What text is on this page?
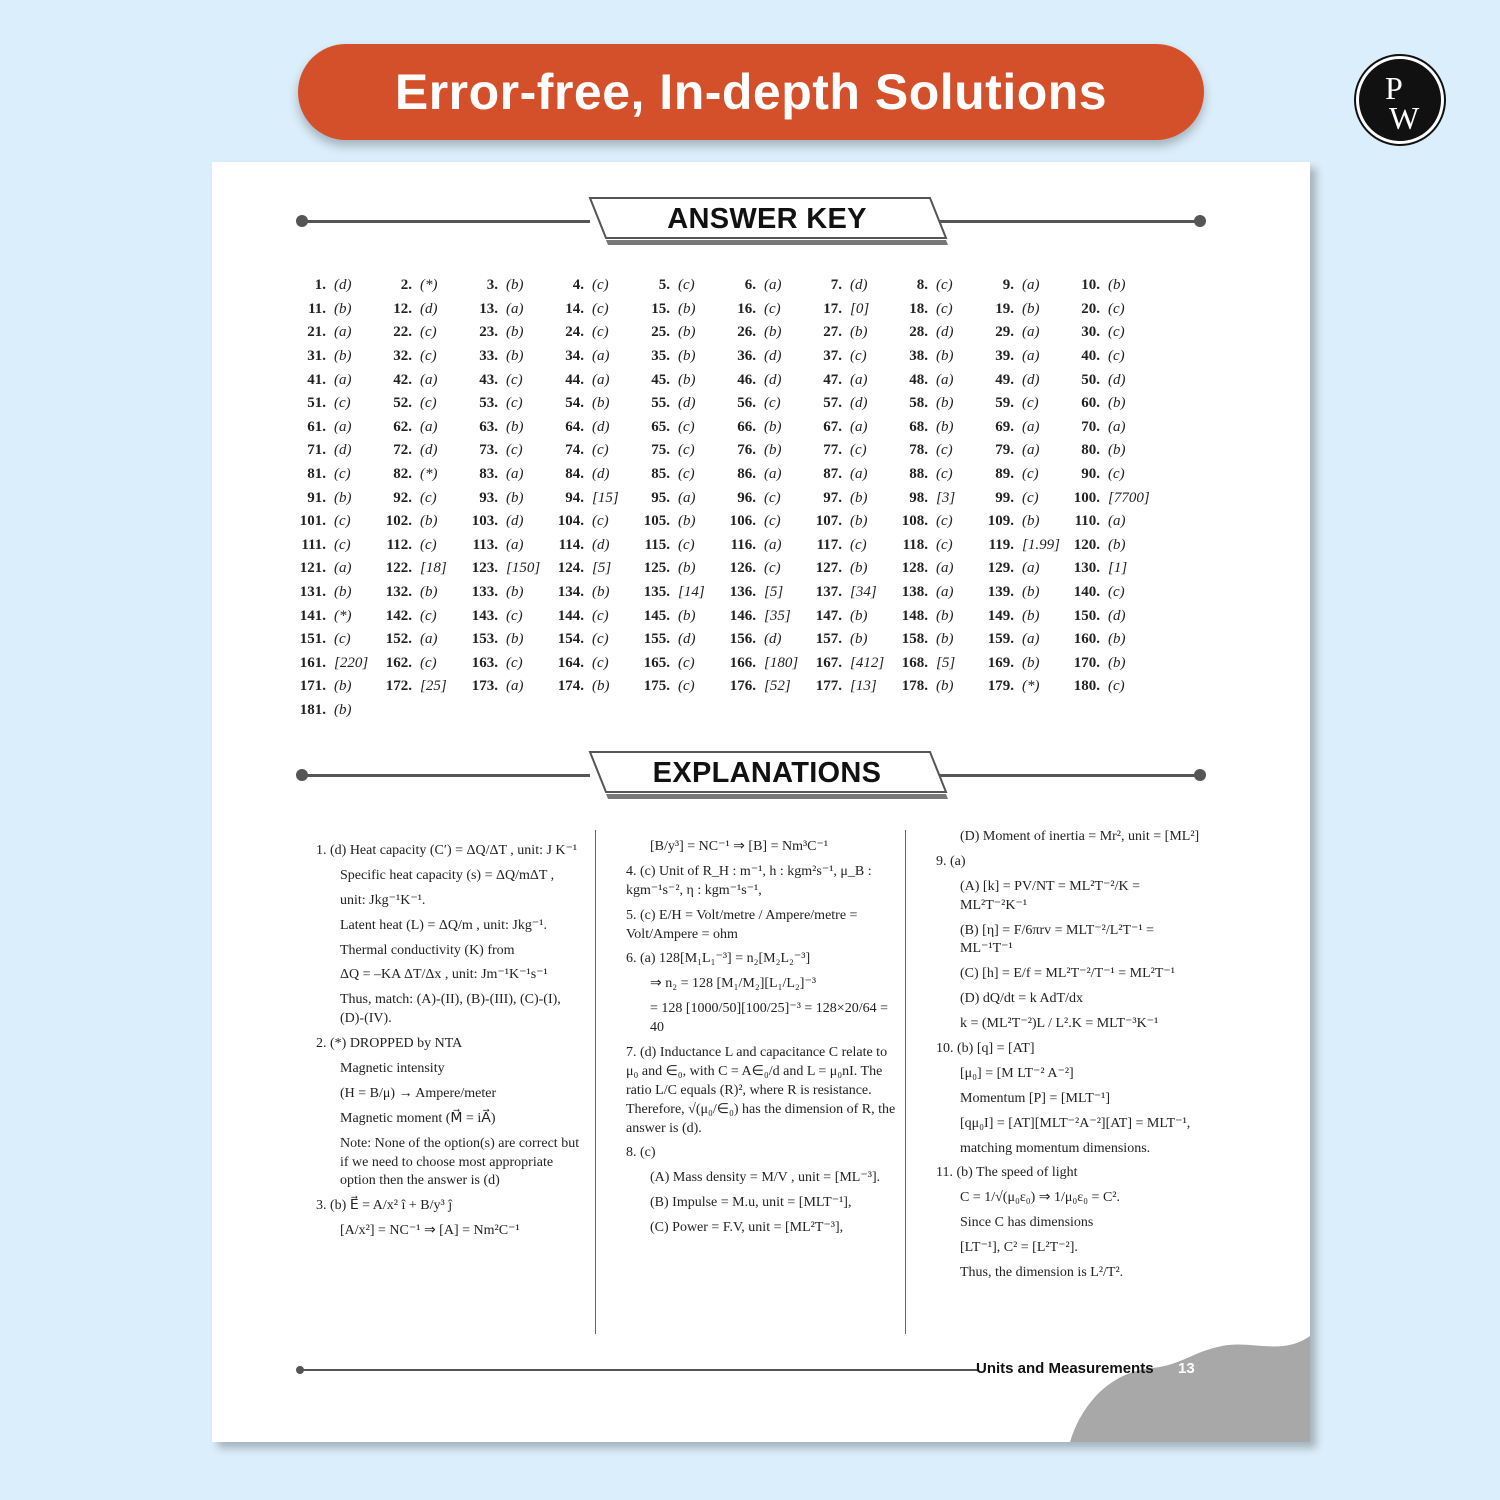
Error-free, In-depth Solutions	P
W
ANSWER KEY
1. (d)	2. (*)	3. (b)	4. (c)	5. (c)	6. (a)	7. (d)	8. (c)	9. (a)	10. (b)
11. (b)	12. (d)	13. (a)	14. (c)	15. (b)	16. (c)	17. [0]	18. (c)	19. (b)	20. (c)
21. (a)	22. (c)	23. (b)	24. (c)	25. (b)	26. (b)	27. (b)	28. (d)	29. (a)	30. (c)
31. (b)	32. (c)	33. (b)	34. (a)	35. (b)	36. (d)	37. (c)	38. (b)	39. (a)	40. (c)
41. (a)	42. (a)	43. (c)	44. (a)	45. (b)	46. (d)	47. (a)	48. (a)	49. (d)	50. (d)
51. (c)	52. (c)	53. (c)	54. (b)	55. (d)	56. (c)	57. (d)	58. (b)	59. (c)	60. (b)
61. (a)	62. (a)	63. (b)	64. (d)	65. (c)	66. (b)	67. (a)	68. (b)	69. (a)	70. (a)
71. (d)	72. (d)	73. (c)	74. (c)	75. (c)	76. (b)	77. (c)	78. (c)	79. (a)	80. (b)
81. (c)	82. (*)	83. (a)	84. (d)	85. (c)	86. (a)	87. (a)	88. (c)	89. (c)	90. (c)
91. (b)	92. (c)	93. (b)	94. [15]	95. (a)	96. (c)	97. (b)	98. [3]	99. (c) 100. [7700]
101. (c) 102. (b) 103. (d) 104. (c) 105. (b) 106. (c) 107. (b) 108. (c) 109. (b)	110. (a)
111. (c)	112. (c)	113. (a)	114. (d)	115. (c)	116. (a)	117. (c)	118. (c)	119. [1.99] 120. (b)
121. (a) 122. [18] 123. [150] 124. [5] 125. (b) 126. (c) 127. (b) 128. (a) 129. (a) 130. [1]
131. (b) 132. (b) 133. (b) 134. (b) 135. [14] 136. [5] 137. [34] 138. (a) 139. (b) 140. (c)
141. (*) 142. (c) 143. (c) 144. (c) 145. (b) 146. [35] 147. (b) 148. (b) 149. (b) 150. (d)
151. (c) 152. (a) 153. (b) 154. (c) 155. (d) 156. (d) 157. (b) 158. (b) 159. (a) 160. (b)
161. [220] 162. (c) 163. (c) 164. (c) 165. (c) 166. [180] 167. [412] 168. [5] 169. (b) 170. (b)
171. (b) 172. [25] 173. (a) 174. (b) 175. (c) 176. [52] 177. [13] 178. (b) 179. (*) 180. (c)
181. (b)
EXPLANATIONS

1. (d) Heat capacity (C′) = ΔQ/ΔT , unit: J K⁻¹

Specific heat capacity (s) = ΔQ/mΔT ,

unit: Jkg⁻¹K⁻¹.

Latent heat (L) = ΔQ/m , unit: Jkg⁻¹.

Thermal conductivity (K) from

ΔQ = –KA ΔT/Δx , unit: Jm⁻¹K⁻¹s⁻¹

Thus, match: (A)-(II), (B)-(III), (C)-(I), (D)-(IV).

2. (*) DROPPED by NTA

Magnetic intensity

(H = B/μ) → Ampere/meter

Magnetic moment (M⃗ = iA⃗)

Note: None of the option(s) are correct but if we need to choose most appropriate option then the answer is (d)

3. (b) E⃗ = A/x² î + B/y³ ĵ

[A/x²] = NC⁻¹ ⇒ [A] = Nm²C⁻¹

[B/y³] = NC⁻¹ ⇒ [B] = Nm³C⁻¹

4. (c) Unit of R_H : m⁻¹, h : kgm²s⁻¹, μ_B : kgm⁻¹s⁻², η : kgm⁻¹s⁻¹,

5. (c) E/H = Volt/metre / Ampere/metre = Volt/Ampere = ohm

6. (a) 128[M₁L₁⁻³] = n₂[M₂L₂⁻³]

⇒ n₂ = 128 [M₁/M₂][L₁/L₂]⁻³

= 128 [1000/50][100/25]⁻³ = 128×20/64 = 40

7. (d) Inductance L and capacitance C relate to μ₀ and ∈₀, with C = A∈₀/d and L = μ₀nI. The ratio L/C equals (R)², where R is resistance. Therefore, √(μ₀/∈₀) has the dimension of R, the answer is (d).

8. (c)

(A) Mass density = M/V , unit = [ML⁻³].

(B) Impulse = M.u, unit = [MLT⁻¹],

(C) Power = F.V, unit = [ML²T⁻³],

(D) Moment of inertia = Mr², unit = [ML²]

9. (a)

(A) [k] = PV/NT = ML²T⁻²/K = ML²T⁻²K⁻¹

(B) [η] = F/6πrv = MLT⁻²/L²T⁻¹ = ML⁻¹T⁻¹

(C) [h] = E/f = ML²T⁻²/T⁻¹ = ML²T⁻¹

(D) dQ/dt = k AdT/dx

k = (ML²T⁻²)L / L².K = MLT⁻³K⁻¹

10. (b) [q] = [AT]

[μ₀] = [M LT⁻² A⁻²]

Momentum [P] = [MLT⁻¹]

[qμ₀I] = [AT][MLT⁻²A⁻²][AT] = MLT⁻¹,

matching momentum dimensions.

11. (b) The speed of light

C = 1/√(μ₀ε₀) ⇒ 1/μ₀ε₀ = C².

Since C has dimensions

[LT⁻¹], C² = [L²T⁻²].

Thus, the dimension is L²/T².

Units and Measurements 13
